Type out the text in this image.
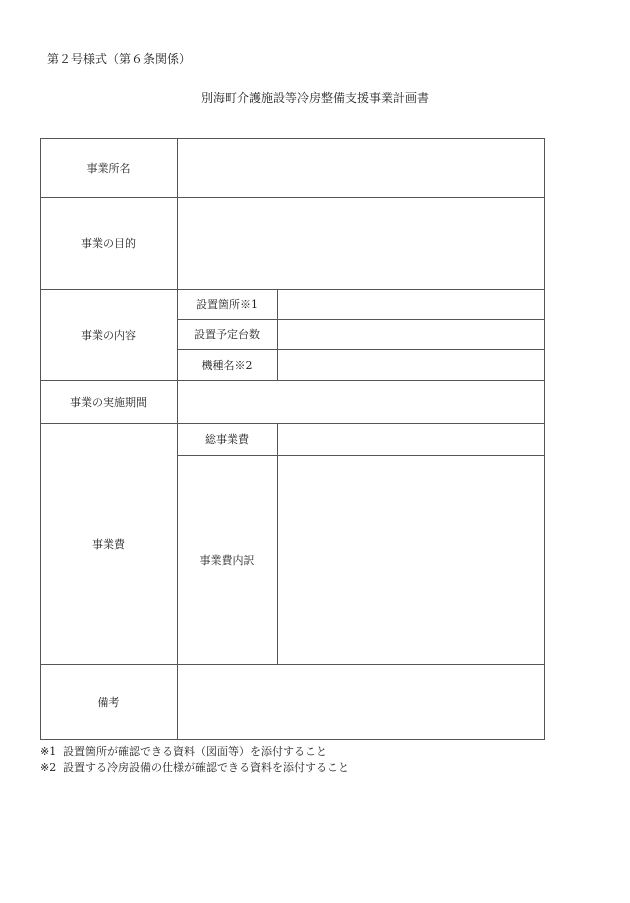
第２号様式（第６条関係）
別海町介護施設等冷房整備支援事業計画書
事業所名
事業の目的
事業の内容
事業の実施期間
事業費
備考
設置箇所※1
設置予定台数
機種名※2
総事業費
事業費内訳
※1 設置箇所が確認できる資料（図面等）を添付すること
※2 設置する冷房設備の仕様が確認できる資料を添付すること
